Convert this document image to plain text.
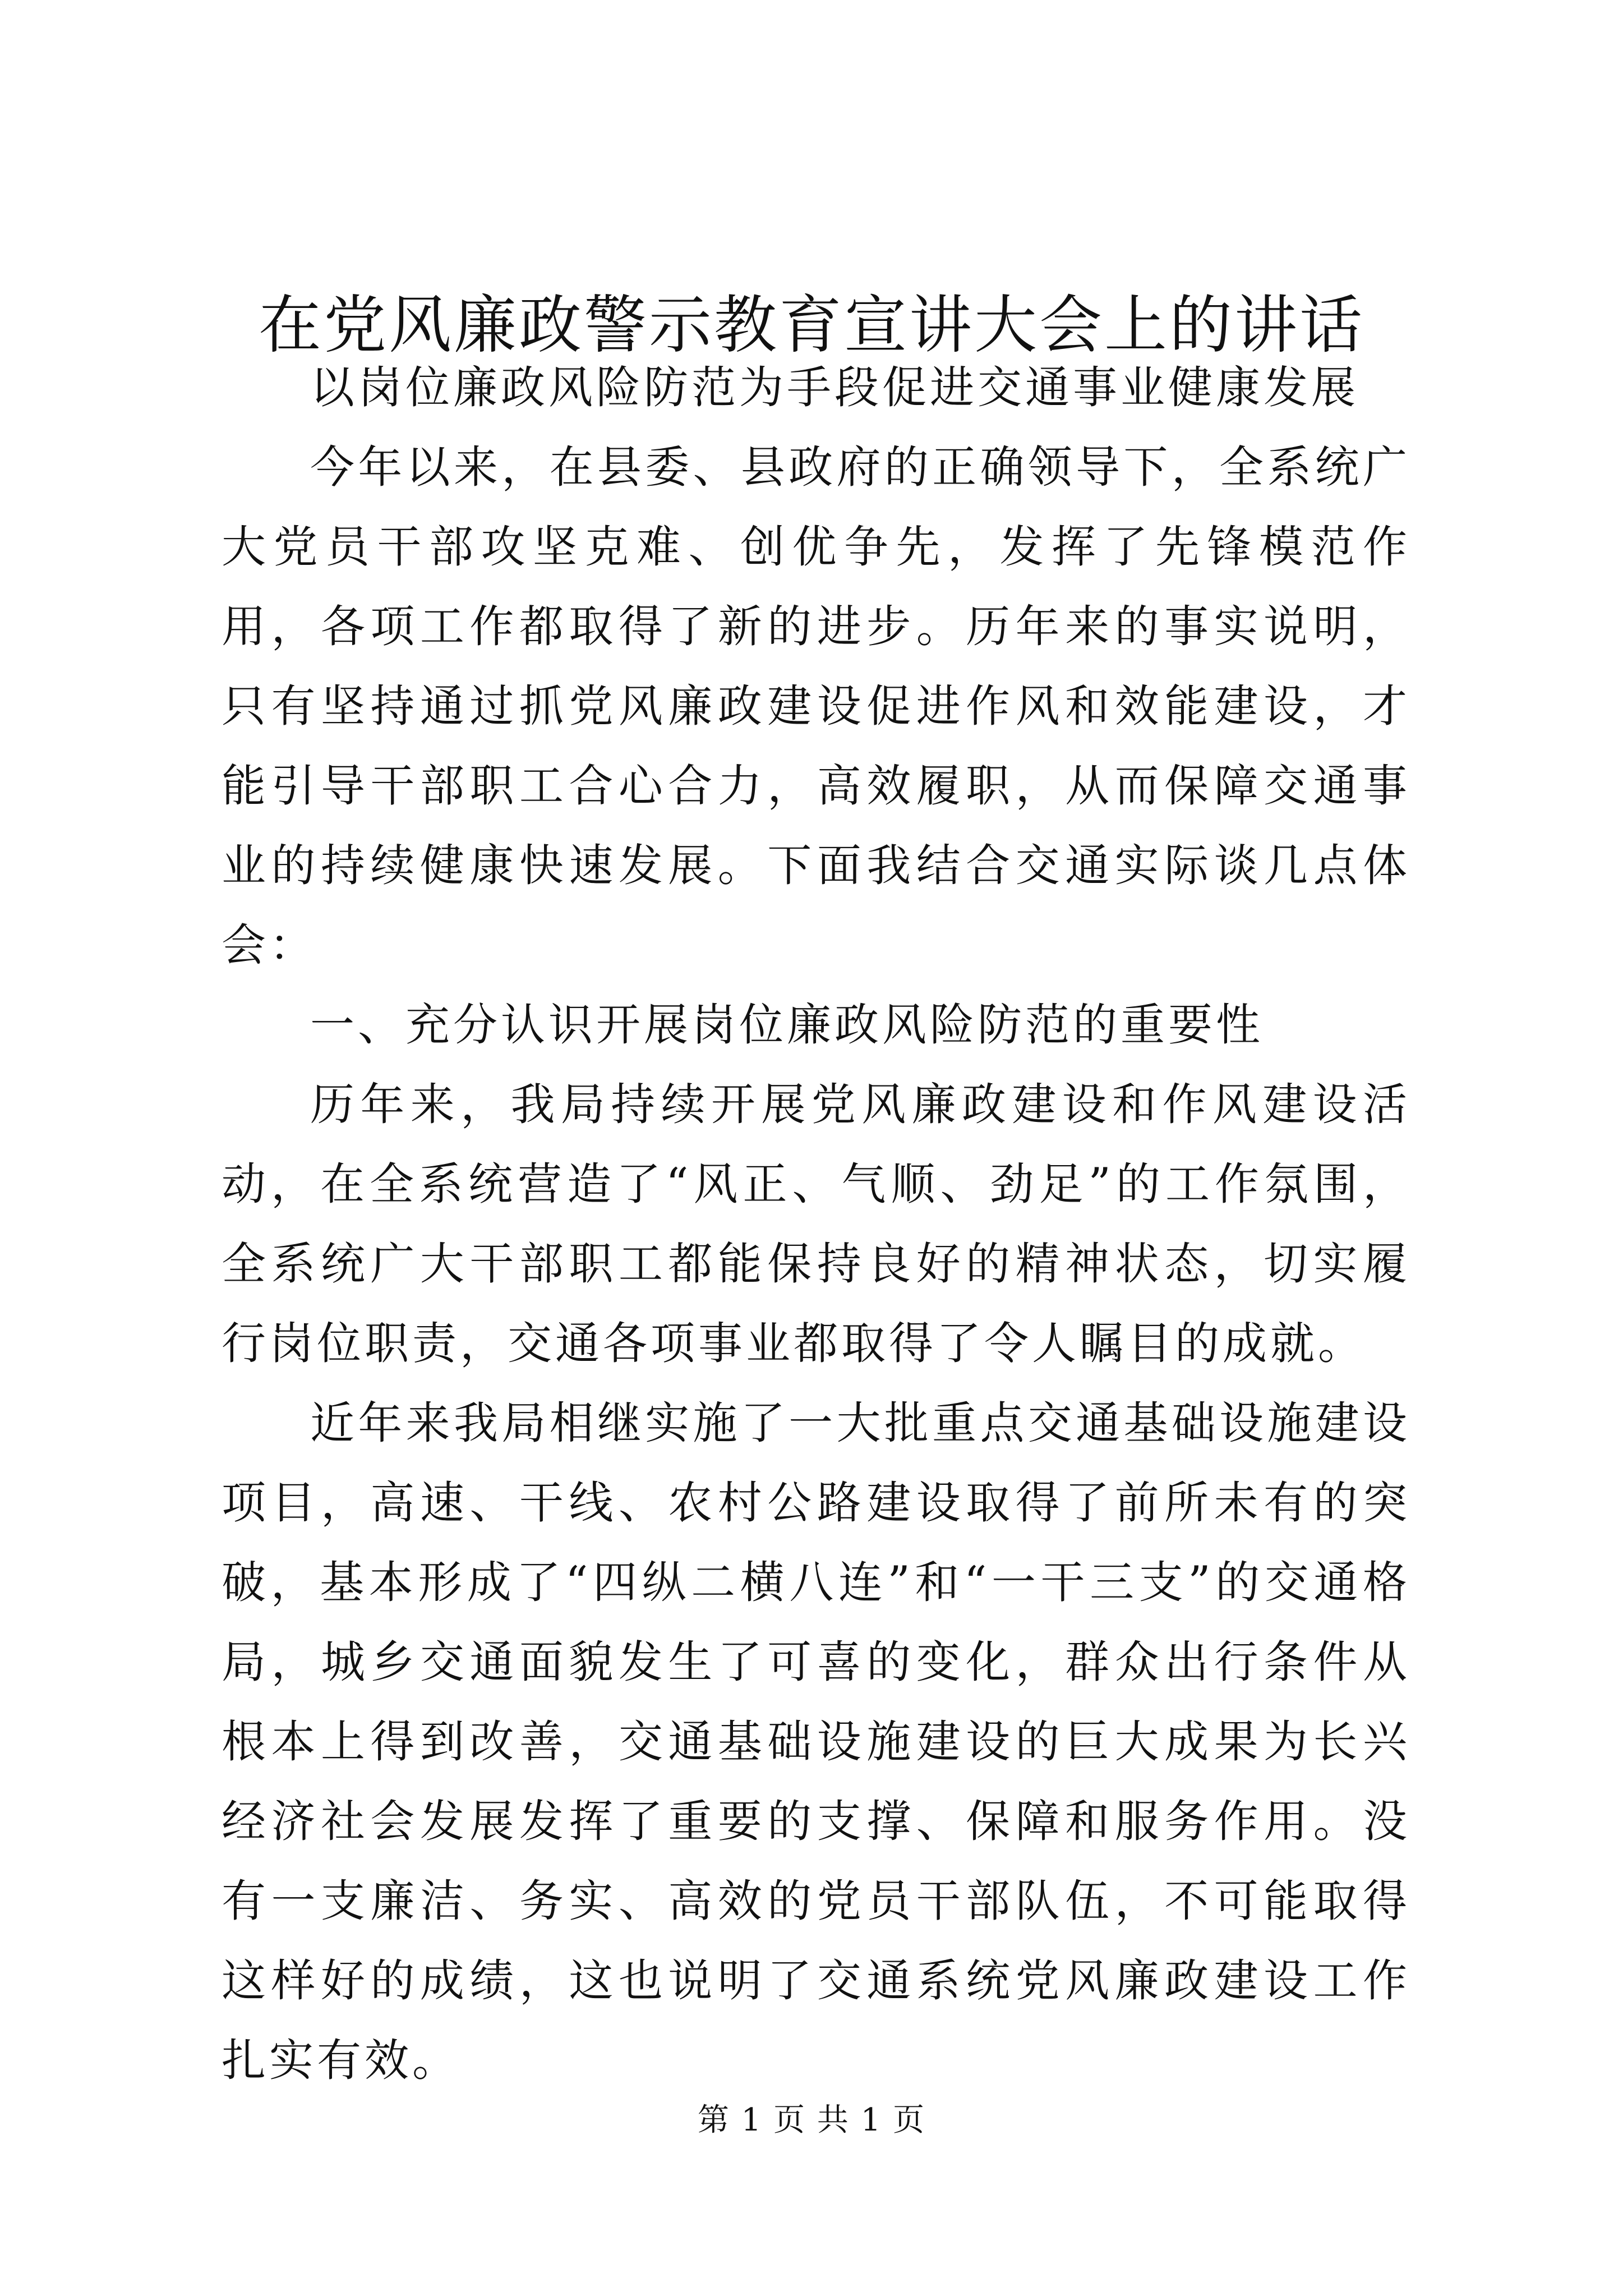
在党风廉政警示教育宣讲大会上的讲话

以岗位廉政风险防范为手段促进交通事业健康发展

今年以来，在县委、县政府的正确领导下，全系统广大党员干部攻坚克难、创优争先，发挥了先锋模范作用，各项工作都取得了新的进步。历年来的事实说明，只有坚持通过抓党风廉政建设促进作风和效能建设，才能引导干部职工合心合力，高效履职，从而保障交通事业的持续健康快速发展。下面我结合交通实际谈几点体会：

一、充分认识开展岗位廉政风险防范的重要性

历年来，我局持续开展党风廉政建设和作风建设活动，在全系统营造了“风正、气顺、劲足”的工作氛围，全系统广大干部职工都能保持良好的精神状态，切实履行岗位职责，交通各项事业都取得了令人瞩目的成就。

近年来我局相继实施了一大批重点交通基础设施建设项目，高速、干线、农村公路建设取得了前所未有的突破，基本形成了“四纵二横八连”和“一干三支”的交通格局，城乡交通面貌发生了可喜的变化，群众出行条件从根本上得到改善，交通基础设施建设的巨大成果为长兴经济社会发展发挥了重要的支撑、保障和服务作用。没有一支廉洁、务实、高效的党员干部队伍，不可能取得这样好的成绩，这也说明了交通系统党风廉政建设工作扎实有效。

第 1 页 共 1 页
